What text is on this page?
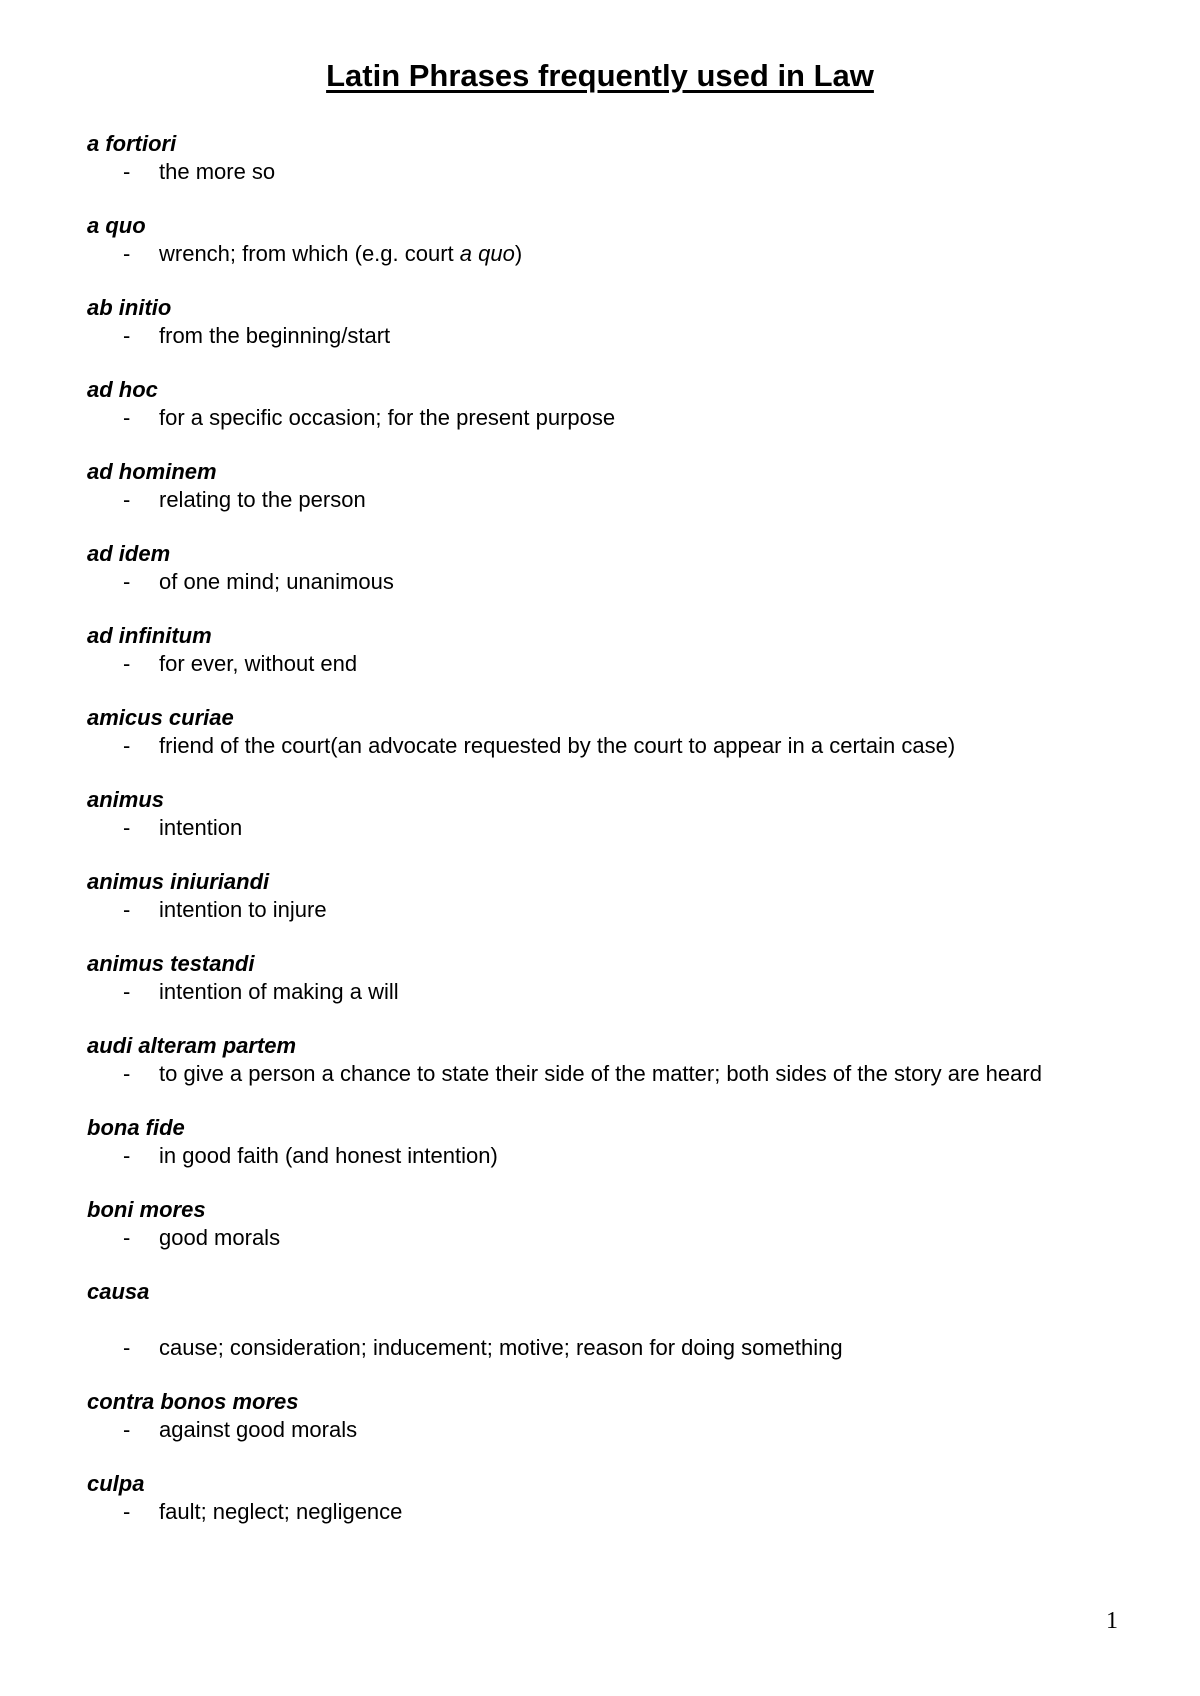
Latin Phrases frequently used in Law
a fortiori
- the more so
a quo
- wrench; from which (e.g. court a quo)
ab initio
- from the beginning/start
ad hoc
- for a specific occasion; for the present purpose
ad hominem
- relating to the person
ad idem
- of one mind; unanimous
ad infinitum
- for ever, without end
amicus curiae
- friend of the court(an advocate requested by the court to appear in a certain case)
animus
- intention
animus iniuriandi
- intention to injure
animus testandi
- intention of making a will
audi alteram partem
- to give a person a chance to state their side of the matter; both sides of the story are heard
bona fide
- in good faith (and honest intention)
boni mores
- good morals
causa
- cause; consideration; inducement; motive; reason for doing something
contra bonos mores
- against good morals
culpa
- fault; neglect; negligence
1
